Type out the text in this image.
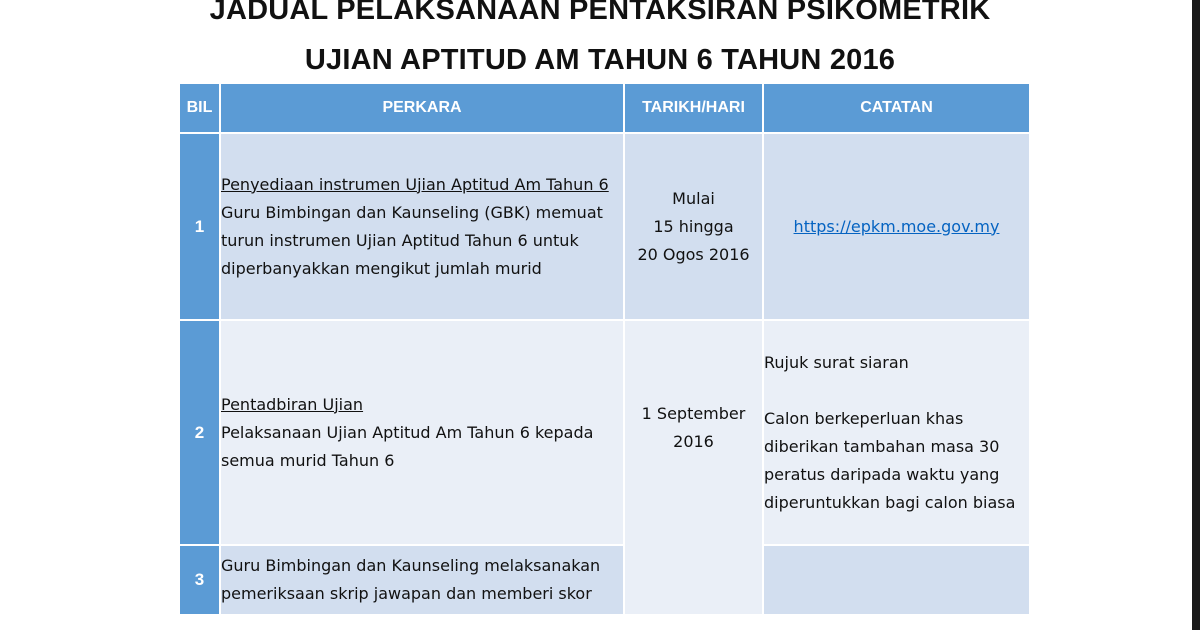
JADUAL PELAKSANAAN PENTAKSIRAN PSIKOMETRIK
UJIAN APTITUD AM TAHUN 6 TAHUN 2016
BIL	PERKARA	TARIKH/HARI	CATATAN
1	Penyediaan instrumen Ujian Aptitud Am Tahun 6
Guru Bimbingan dan Kaunseling (GBK) memuat turun instrumen Ujian Aptitud Tahun 6 untuk diperbanyakkan mengikut jumlah murid	Mulai
15 hingga
20 Ogos 2016	https://epkm.moe.gov.my
2	Pentadbiran Ujian
Pelaksanaan Ujian Aptitud Am Tahun 6 kepada semua murid Tahun 6	1 September
2016	Rujuk surat siaran
Calon berkeperluan khas diberikan tambahan masa 30 peratus daripada waktu yang diperuntukkan bagi calon biasa

3	Guru Bimbingan dan Kaunseling melaksanakan pemeriksaan skrip jawapan dan memberi skor		
